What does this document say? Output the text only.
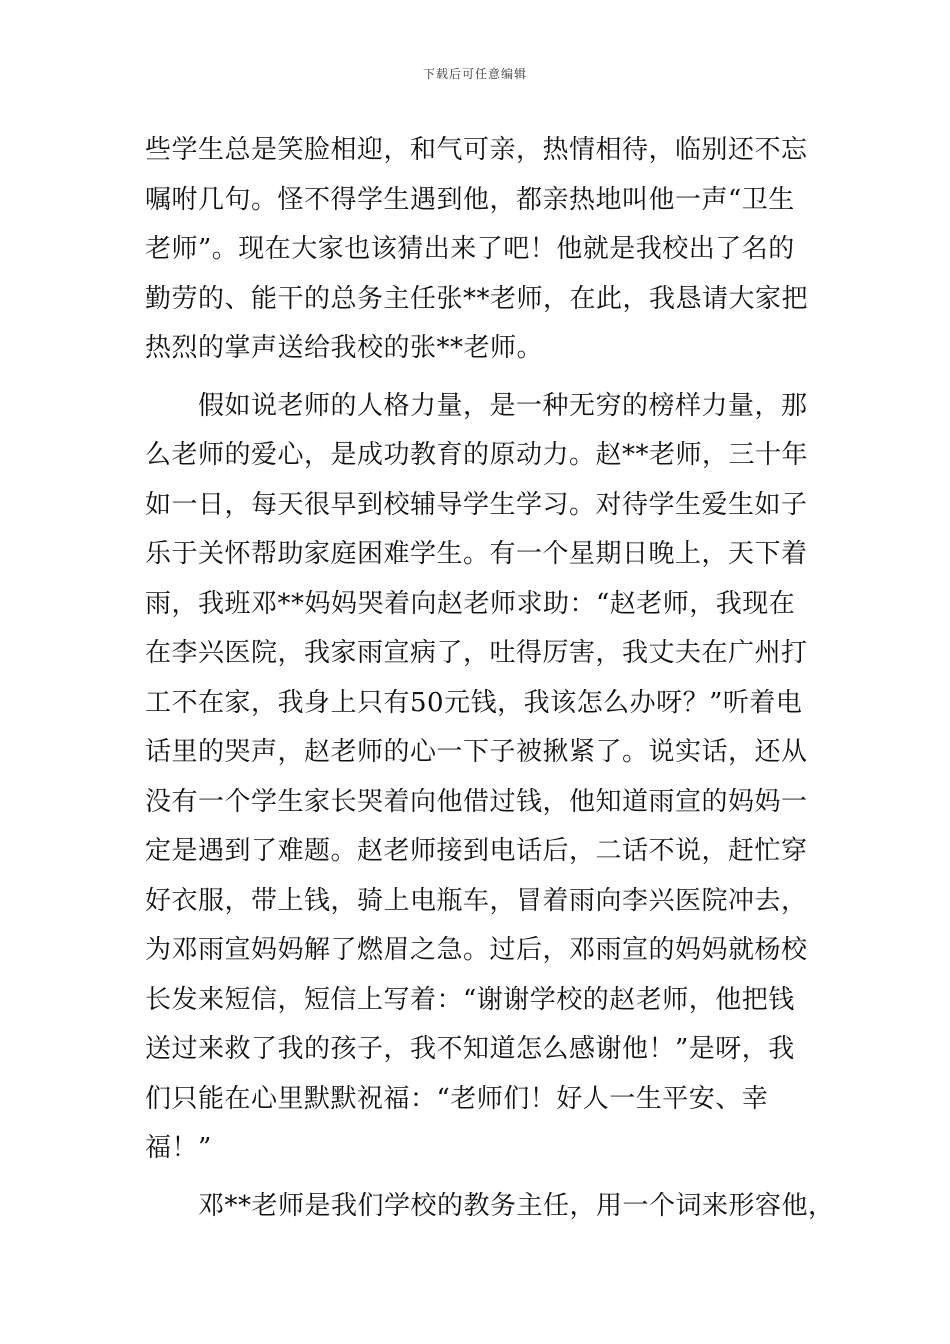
下载后可任意编辑
些学生总是笑脸相迎，和气可亲，热情相待，临别还不忘
嘱咐几句。怪不得学生遇到他，都亲热地叫他一声“卫生
老师”。现在大家也该猜出来了吧！他就是我校出了名的
勤劳的、能干的总务主任张**老师，在此，我恳请大家把
热烈的掌声送给我校的张**老师。
　　假如说老师的人格力量，是一种无穷的榜样力量，那
么老师的爱心，是成功教育的原动力。赵**老师，三十年
如一日，每天很早到校辅导学生学习。对待学生爱生如子
乐于关怀帮助家庭困难学生。有一个星期日晚上，天下着
雨，我班邓**妈妈哭着向赵老师求助：“赵老师，我现在
在李兴医院，我家雨宣病了，吐得厉害，我丈夫在广州打
工不在家，我身上只有50元钱，我该怎么办呀？”听着电
话里的哭声，赵老师的心一下子被揪紧了。说实话，还从
没有一个学生家长哭着向他借过钱，他知道雨宣的妈妈一
定是遇到了难题。赵老师接到电话后，二话不说，赶忙穿
好衣服，带上钱，骑上电瓶车，冒着雨向李兴医院冲去，
为邓雨宣妈妈解了燃眉之急。过后，邓雨宣的妈妈就杨校
长发来短信，短信上写着：“谢谢学校的赵老师，他把钱
送过来救了我的孩子，我不知道怎么感谢他！”是呀，我
们只能在心里默默祝福：“老师们！好人一生平安、幸
福！”
　　邓**老师是我们学校的教务主任，用一个词来形容他，
